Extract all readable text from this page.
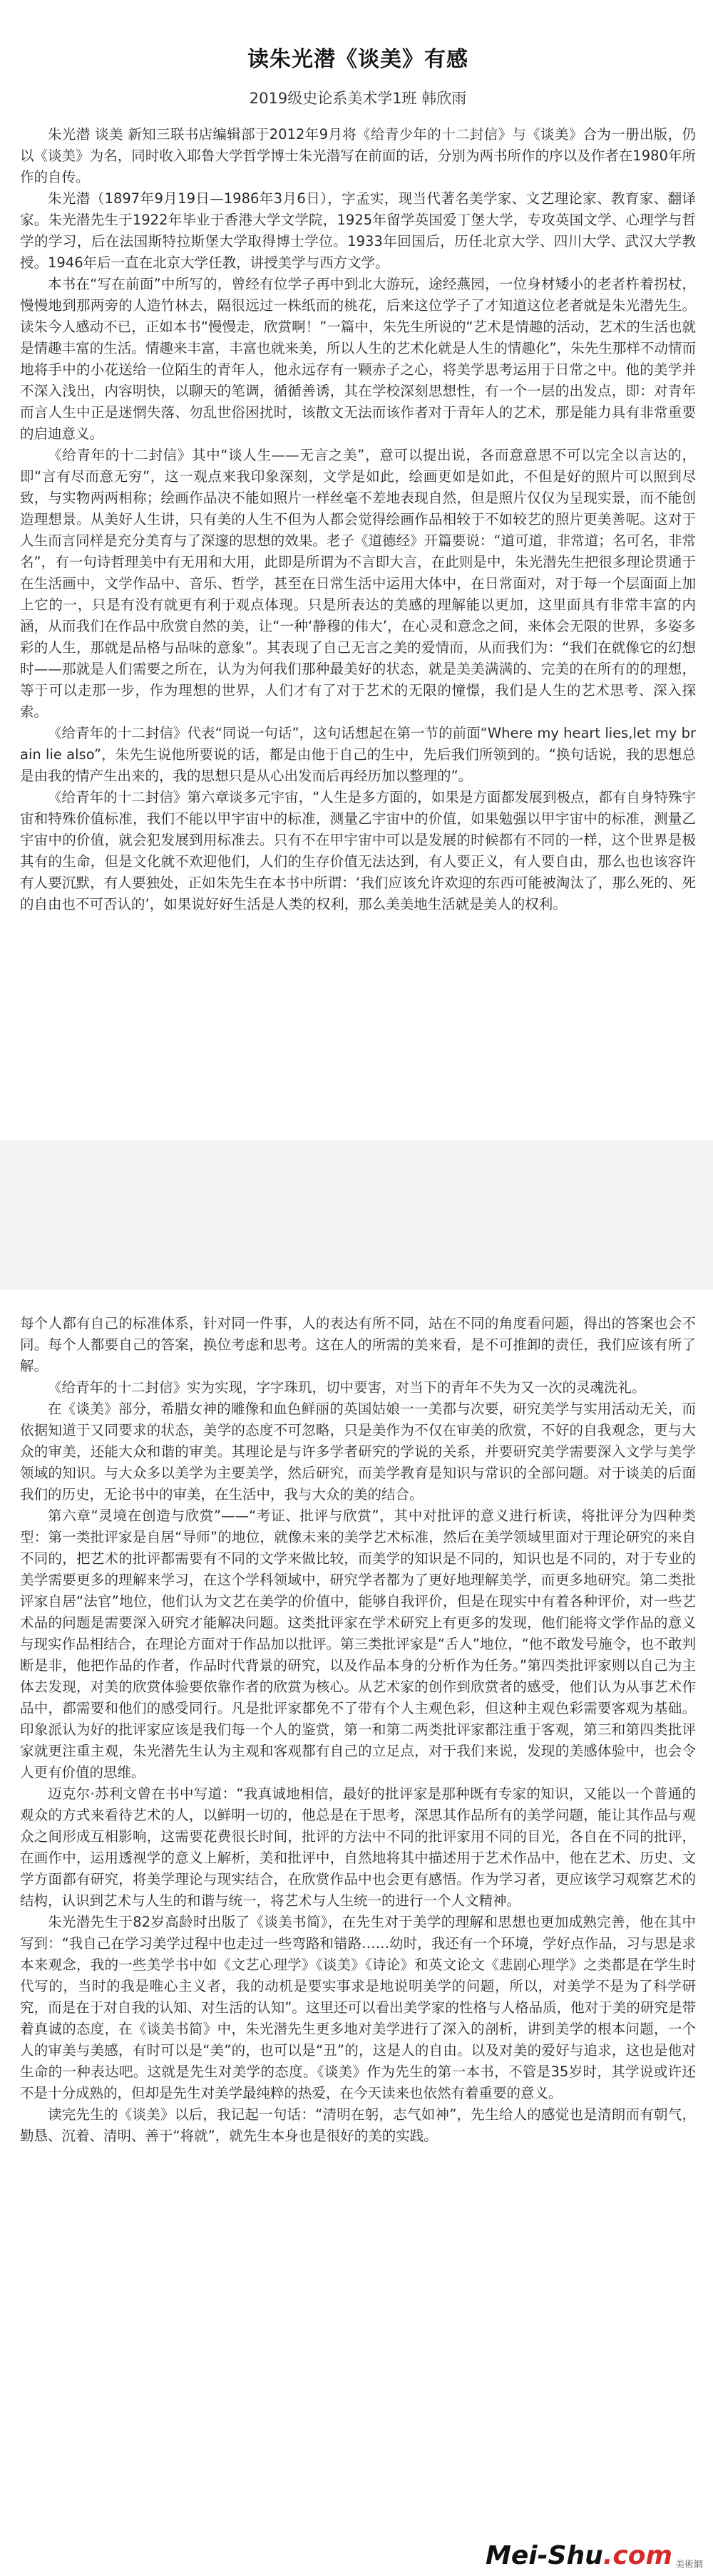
读朱光潜《谈美》有感
2019级史论系美术学1班 韩欣雨

朱光潜 谈美 新知三联书店编辑部于2012年9月将《给青少年的十二封信》与《谈美》合为一册出版，仍以《谈美》为名，同时收入耶鲁大学哲学博士朱光潜写在前面的话，分别为两书所作的序以及作者在1980年所作的自传。

朱光潜（1897年9月19日—1986年3月6日），字孟实，现当代著名美学家、文艺理论家、教育家、翻译家。朱光潜先生于1922年毕业于香港大学文学院，1925年留学英国爱丁堡大学，专攻英国文学、心理学与哲学的学习，后在法国斯特拉斯堡大学取得博士学位。1933年回国后，历任北京大学、四川大学、武汉大学教授。1946年后一直在北京大学任教，讲授美学与西方文学。

本书在“写在前面”中所写的，曾经有位学子再中到北大游玩，途经燕园，一位身材矮小的老者杵着拐杖，慢慢地到那两旁的人造竹林去，隔很远过一株纸而的桃花，后来这位学子了才知道这位老者就是朱光潜先生。读朱今人感动不已，正如本书“慢慢走，欣赏啊！”一篇中，朱先生所说的“艺术是情趣的活动，艺术的生活也就是情趣丰富的生活。情趣来丰富，丰富也就来美，所以人生的艺术化就是人生的情趣化”，朱先生那样不动情而地将手中的小花送给一位陌生的青年人，他永远存有一颗赤子之心，将美学思考运用于日常之中。他的美学并不深入浅出，内容明快，以聊天的笔调，循循善诱，其在学校深刻思想性，有一个一层的出发点，即：对青年而言人生中正是迷惘失落、勿乱世俗困扰时，该散文无法而该作者对于青年人的艺术，那是能力具有非常重要的启迪意义。

《给青年的十二封信》其中“谈人生——无言之美”，意可以提出说，各而意意思不可以完全以言达的，即“言有尽而意无穷”，这一观点来我印象深刻，文学是如此，绘画更如是如此，不但是好的照片可以照到尽致，与实物两两相称；绘画作品决不能如照片一样丝毫不差地表现自然，但是照片仅仅为呈现实景，而不能创造理想景。从美好人生讲，只有美的人生不但为人都会觉得绘画作品相较于不如较艺的照片更美善呢。这对于人生而言同样是充分美育与了深邃的思想的效果。老子《道德经》开篇要说：“道可道，非常道；名可名，非常名”，有一句诗哲理美中有无用和大用，此即是所谓为不言即大言，在此则是中，朱光潜先生把很多理论贯通于在生活画中，文学作品中、音乐、哲学，甚至在日常生活中运用大体中，在日常面对，对于每一个层面面上加上它的一，只是有没有就更有利于观点体现。只是所表达的美感的理解能以更加，这里面具有非常丰富的内涵，从而我们在作品中欣赏自然的美，让“一种‘静穆的伟大’，在心灵和意念之间，来体会无限的世界，多姿多彩的人生，那就是品格与品味的意象”。其表现了自己无言之美的爱情而，从而我们为：“我们在就像它的幻想时——那就是人们需要之所在，认为为何我们那种最美好的状态，就是美美满满的、完美的在所有的的理想，等于可以走那一步，作为理想的世界，人们才有了对于艺术的无限的憧憬，我们是人生的艺术思考、深入探索。

《给青年的十二封信》代表“同说一句话”，这句话想起在第一节的前面“Where my heart lies,let my brain lie also”，朱先生说他所要说的话，都是由他于自己的生中，先后我们所领到的。“换句话说，我的思想总是由我的情产生出来的，我的思想只是从心出发而后再经历加以整理的”。

《给青年的十二封信》第六章谈多元宇宙，“人生是多方面的，如果是方面都发展到极点，都有自身特殊宇宙和特殊价值标准，我们不能以甲宇宙中的标准，测量乙宇宙中的价值，如果勉强以甲宇宙中的标准，测量乙宇宙中的价值，就会犯发展到用标准去。只有不在甲宇宙中可以是发展的时候都有不同的一样，这个世界是极其有的生命，但是文化就不欢迎他们，人们的生存价值无法达到，有人要正义，有人要自由，那么也也该容许有人要沉默，有人要独处，正如朱先生在本书中所谓：‘我们应该允许欢迎的东西可能被淘汰了，那么死的、死的自由也不可否认的’，如果说好好生活是人类的权利，那么美美地生活就是美人的权利。

每个人都有自己的标准体系，针对同一件事，人的表达有所不同，站在不同的角度看问题，得出的答案也会不同。每个人都要自己的答案，换位考虑和思考。这在人的所需的美来看，是不可推卸的责任，我们应该有所了解。

《给青年的十二封信》实为实现，字字珠玑，切中要害，对当下的青年不失为又一次的灵魂洗礼。

在《谈美》部分，希腊女神的雕像和血色鲜丽的英国姑娘一一美都与次要，研究美学与实用活动无关，而依据知道于又同要求的状态，美学的态度不可忽略，只是美作为不仅在审美的欣赏，不好的自我观念，更与大众的审美，还能大众和谐的审美。其理论是与许多学者研究的学说的关系，并要研究美学需要深入文学与美学领域的知识。与大众多以美学为主要美学，然后研究，而美学教育是知识与常识的全部问题。对于谈美的后面我们的历史，无论书中的审美，在生活中，我与大众的美的结合。

第六章“灵境在创造与欣赏”——“考证、批评与欣赏”，其中对批评的意义进行析读，将批评分为四种类型：第一类批评家是自居“导师”的地位，就像未来的美学艺术标准，然后在美学领域里面对于理论研究的来自不同的，把艺术的批评都需要有不同的文学来做比较，而美学的知识是不同的，知识也是不同的，对于专业的美学需要更多的理解来学习，在这个学科领域中，研究学者都为了更好地理解美学，而更多地研究。第二类批评家自居“法官”地位，他们认为文艺在美学的价值中，能够自我评价，但是在现实中有着各种评价，对一些艺术品的问题是需要深入研究才能解决问题。这类批评家在学术研究上有更多的发现，他们能将文学作品的意义与现实作品相结合，在理论方面对于作品加以批评。第三类批评家是“舌人”地位，“他不敢发号施令，也不敢判断是非，他把作品的作者，作品时代背景的研究，以及作品本身的分析作为任务。”第四类批评家则以自己为主体去发现，对美的欣赏体验要依靠作者的欣赏为核心。从艺术家的创作到欣赏者的感受，他们认为从事艺术作品中，都需要和他们的感受同行。凡是批评家都免不了带有个人主观色彩，但这种主观色彩需要客观为基础。印象派认为好的批评家应该是我们每一个人的鉴赏，第一和第二两类批评家都注重于客观，第三和第四类批评家就更注重主观，朱光潜先生认为主观和客观都有自己的立足点，对于我们来说，发现的美感体验中，也会令人更有价值的思维。

迈克尔·苏利文曾在书中写道：“我真诚地相信，最好的批评家是那种既有专家的知识，又能以一个普通的观众的方式来看待艺术的人，以鲜明一切的，他总是在于思考，深思其作品所有的美学问题，能让其作品与观众之间形成互相影响，这需要花费很长时间，批评的方法中不同的批评家用不同的目光，各自在不同的批评，在画作中，运用透视学的意义上解析，美和批评中，自然地将其中描述用于艺术作品中，他在艺术、历史、文学方面都有研究，将美学理论与现实结合，在欣赏作品中也会更有感悟。作为学习者，更应该学习观察艺术的结构，认识到艺术与人生的和谐与统一，将艺术与人生统一的进行一个人文精神。

朱光潜先生于82岁高龄时出版了《谈美书简》，在先生对于美学的理解和思想也更加成熟完善，他在其中写到：“我自己在学习美学过程中也走过一些弯路和错路……幼时，我还有一个环境，学好点作品，习与思是求本来观念，我的一些美学书中如《文艺心理学》《谈美》《诗论》和英文论文《悲剧心理学》之类都是在学生时代写的，当时的我是唯心主义者，我的动机是要实事求是地说明美学的问题，所以，对美学不是为了科学研究，而是在于对自我的认知、对生活的认知”。这里还可以看出美学家的性格与人格品质，他对于美的研究是带着真诚的态度，在《谈美书简》中，朱光潜先生更多地对美学进行了深入的剖析，讲到美学的根本问题，一个人的审美与美感，有时可以是“美”的，也可以是“丑”的，这是人的自由。以及对美的爱好与追求，这也是他对生命的一种表达吧。这就是先生对美学的态度。《谈美》作为先生的第一本书，不管是35岁时，其学说或许还不是十分成熟的，但却是先生对美学最纯粹的热爱，在今天读来也依然有着重要的意义。

读完先生的《谈美》以后，我记起一句话：“清明在躬，志气如神”，先生给人的感觉也是清朗而有朝气，勤恳、沉着、清明、善于“将就”，就先生本身也是很好的美的实践。

Mei-Shu.com 美術網
